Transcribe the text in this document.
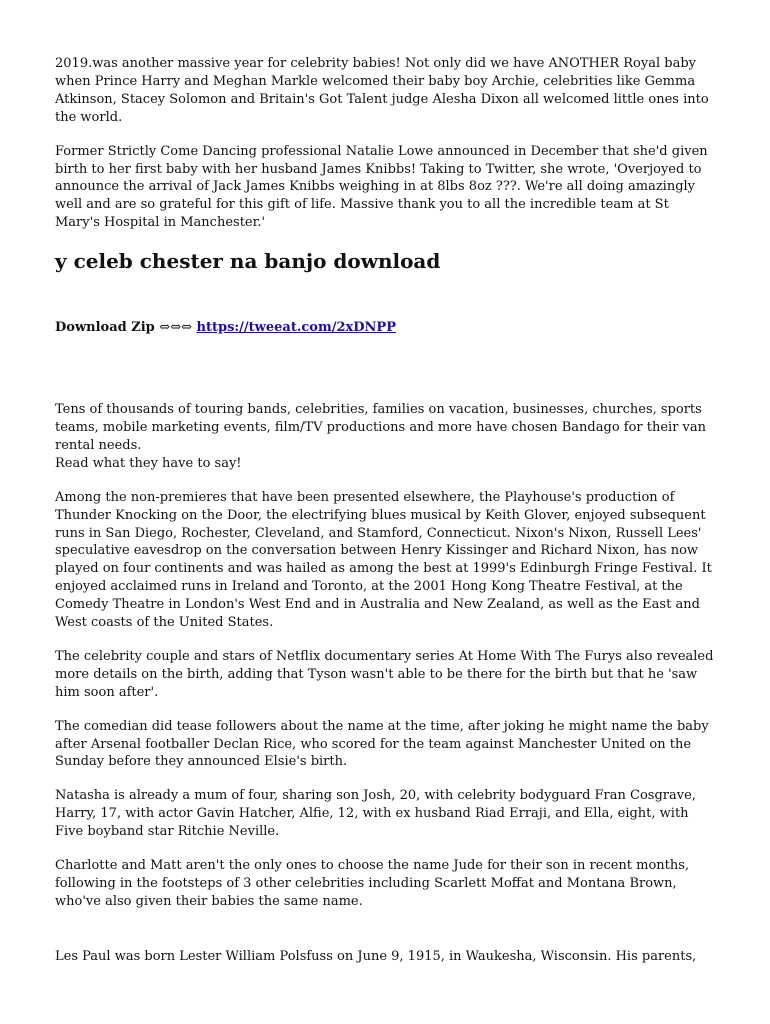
2019.was another massive year for celebrity babies! Not only did we have ANOTHER Royal baby when Prince Harry and Meghan Markle welcomed their baby boy Archie, celebrities like Gemma Atkinson, Stacey Solomon and Britain's Got Talent judge Alesha Dixon all welcomed little ones into the world.

Former Strictly Come Dancing professional Natalie Lowe announced in December that she'd given birth to her first baby with her husband James Knibbs! Taking to Twitter, she wrote, 'Overjoyed to announce the arrival of Jack James Knibbs weighing in at 8lbs 8oz ???. We're all doing amazingly well and are so grateful for this gift of life. Massive thank you to all the incredible team at St Mary's Hospital in Manchester.'

y celeb chester na banjo download
Download Zip ⇔⇔⇔ https://tweeat.com/2xDNPP

Tens of thousands of touring bands, celebrities, families on vacation, businesses, churches, sports teams, mobile marketing events, film/TV productions and more have chosen Bandago for their van rental needs.
Read what they have to say!

Among the non-premieres that have been presented elsewhere, the Playhouse's production of Thunder Knocking on the Door, the electrifying blues musical by Keith Glover, enjoyed subsequent runs in San Diego, Rochester, Cleveland, and Stamford, Connecticut. Nixon's Nixon, Russell Lees' speculative eavesdrop on the conversation between Henry Kissinger and Richard Nixon, has now played on four continents and was hailed as among the best at 1999's Edinburgh Fringe Festival. It enjoyed acclaimed runs in Ireland and Toronto, at the 2001 Hong Kong Theatre Festival, at the Comedy Theatre in London's West End and in Australia and New Zealand, as well as the East and West coasts of the United States.

The celebrity couple and stars of Netflix documentary series At Home With The Furys also revealed more details on the birth, adding that Tyson wasn't able to be there for the birth but that he 'saw him soon after'.

The comedian did tease followers about the name at the time, after joking he might name the baby after Arsenal footballer Declan Rice, who scored for the team against Manchester United on the Sunday before they announced Elsie's birth.

Natasha is already a mum of four, sharing son Josh, 20, with celebrity bodyguard Fran Cosgrave, Harry, 17, with actor Gavin Hatcher, Alfie, 12, with ex husband Riad Erraji, and Ella, eight, with Five boyband star Ritchie Neville.

Charlotte and Matt aren't the only ones to choose the name Jude for their son in recent months, following in the footsteps of 3 other celebrities including Scarlett Moffat and Montana Brown, who've also given their babies the same name.

Les Paul was born Lester William Polsfuss on June 9, 1915, in Waukesha, Wisconsin. His parents,
